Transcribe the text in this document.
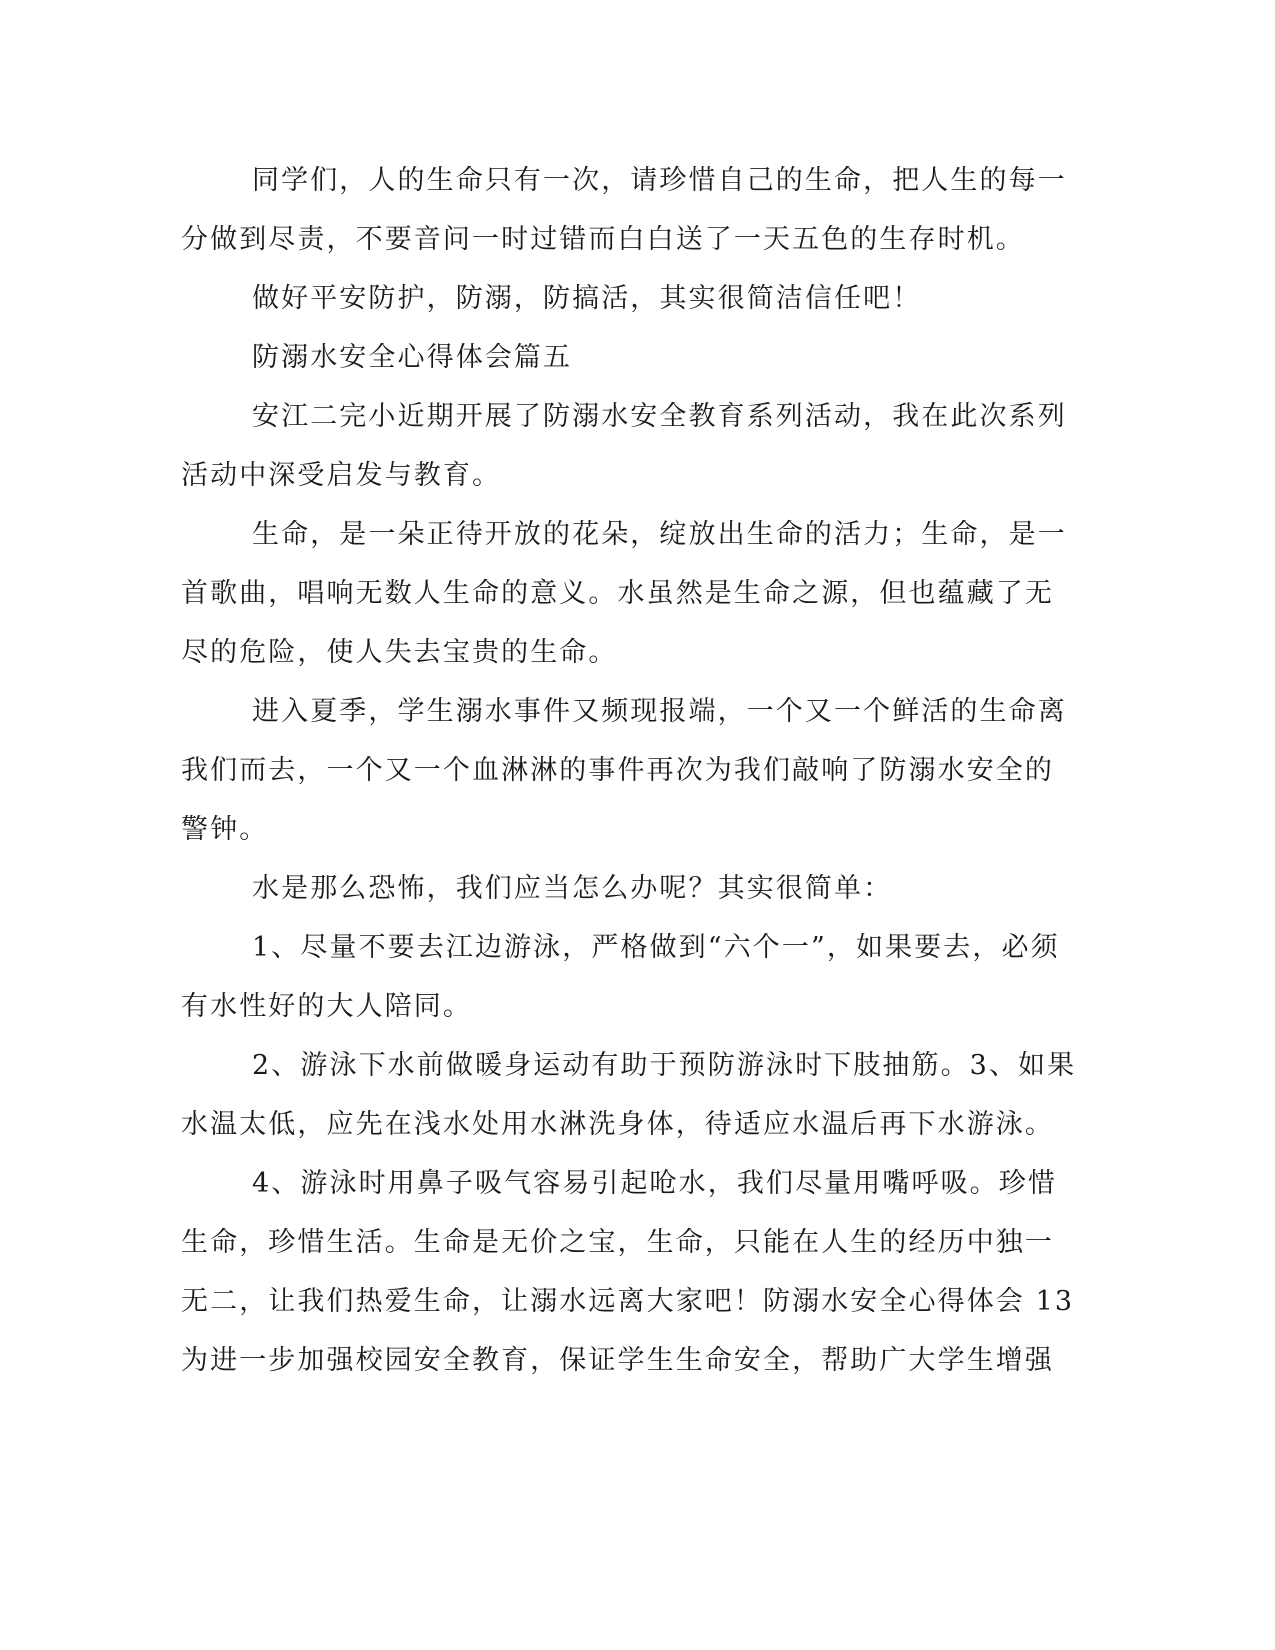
同学们，人的生命只有一次，请珍惜自己的生命，把人生的每一
分做到尽责，不要音问一时过错而白白送了一天五色的生存时机。
做好平安防护，防溺，防搞活，其实很简洁信任吧！
防溺水安全心得体会篇五
安江二完小近期开展了防溺水安全教育系列活动，我在此次系列
活动中深受启发与教育。
生命，是一朵正待开放的花朵，绽放出生命的活力；生命，是一
首歌曲，唱响无数人生命的意义。水虽然是生命之源，但也蕴藏了无
尽的危险，使人失去宝贵的生命。
进入夏季，学生溺水事件又频现报端，一个又一个鲜活的生命离
我们而去，一个又一个血淋淋的事件再次为我们敲响了防溺水安全的
警钟。
水是那么恐怖，我们应当怎么办呢？其实很简单：
1、尽量不要去江边游泳，严格做到“六个一”，如果要去，必须
有水性好的大人陪同。
2、游泳下水前做暖身运动有助于预防游泳时下肢抽筋。3、如果
水温太低，应先在浅水处用水淋洗身体，待适应水温后再下水游泳。
4、游泳时用鼻子吸气容易引起呛水，我们尽量用嘴呼吸。珍惜
生命，珍惜生活。生命是无价之宝，生命，只能在人生的经历中独一
无二，让我们热爱生命，让溺水远离大家吧！防溺水安全心得体会 13
为进一步加强校园安全教育，保证学生生命安全，帮助广大学生增强
